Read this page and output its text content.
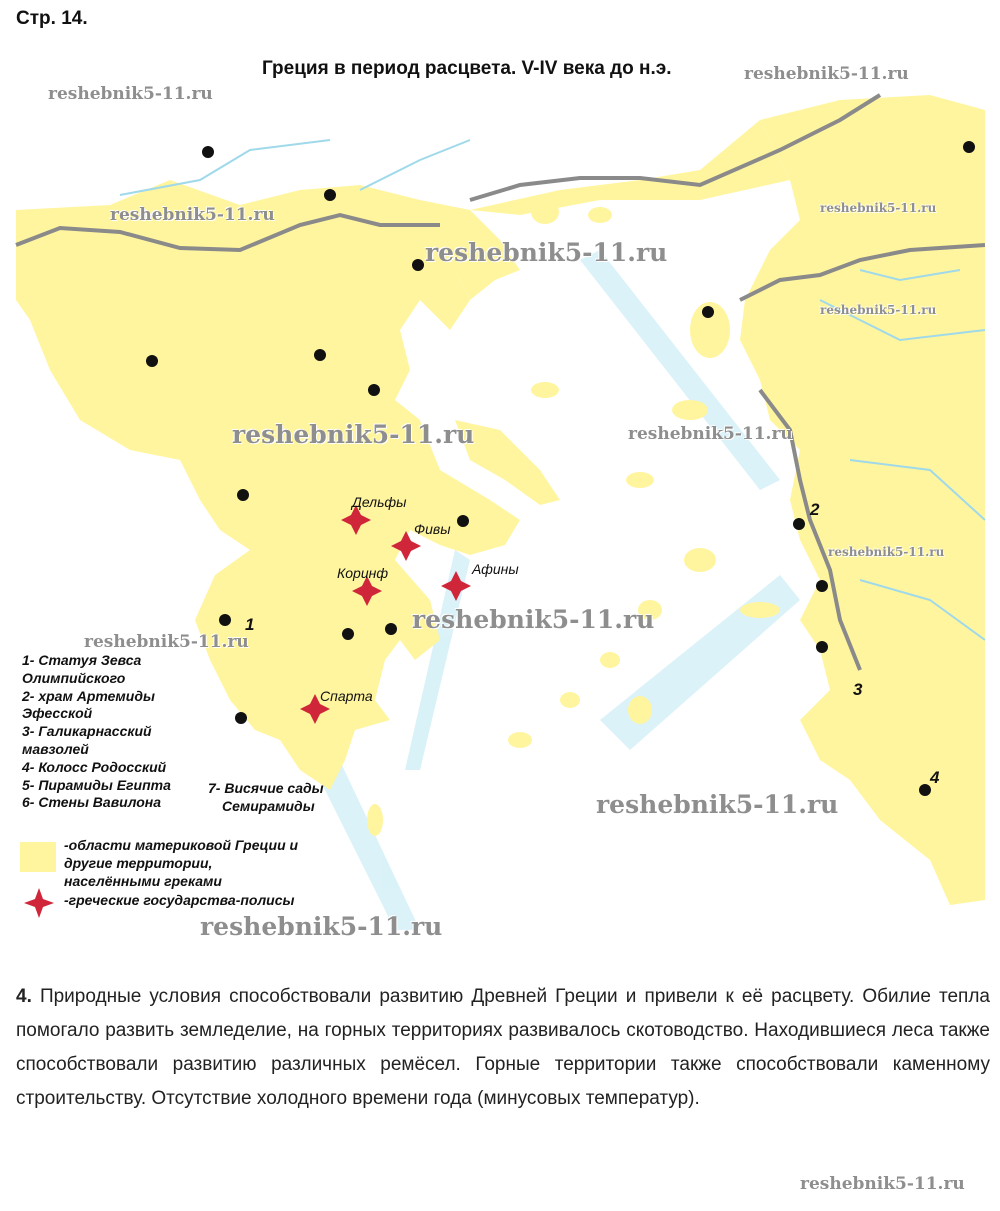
Стр. 14.
Греция в период расцвета. V-IV века до н.э.
reshebnik5-11.ru
reshebnik5-11.ru
reshebnik5-11.ru	reshebnik5-11.ru
reshebnik5-11.ru
reshebnik5-11.ru
reshebnik5-11.ru	reshebnik5-11.ru
reshebnik5-11.ru
reshebnik5-11.ru
reshebnik5-11.ru
reshebnik5-11.ru
reshebnik5-11.ru
reshebnik5-11.ru
Дельфы
Фивы
Коринф	Афины
Спарта
1
2
3
4
1- Статуя Зевса
Олимпийского
2- храм Артемиды
Эфесской
3- Галикарнасский
мавзолей
4- Колосс Родосский
5- Пирамиды Египта
6- Стены Вавилона
7- Висячие сады
Семирамиды
-области материковой Греции и
другие территории,
населёнными греками
-греческие государства-полисы
4. Природные условия способствовали развитию Древней Греции и привели к её расцвету. Обилие тепла помогало развить земледелие, на горных территориях развивалось скотоводство. Находившиеся леса также способствовали развитию различных ремёсел. Горные территории также способствовали каменному строительству. Отсутствие холодного времени года (минусовых температур).
